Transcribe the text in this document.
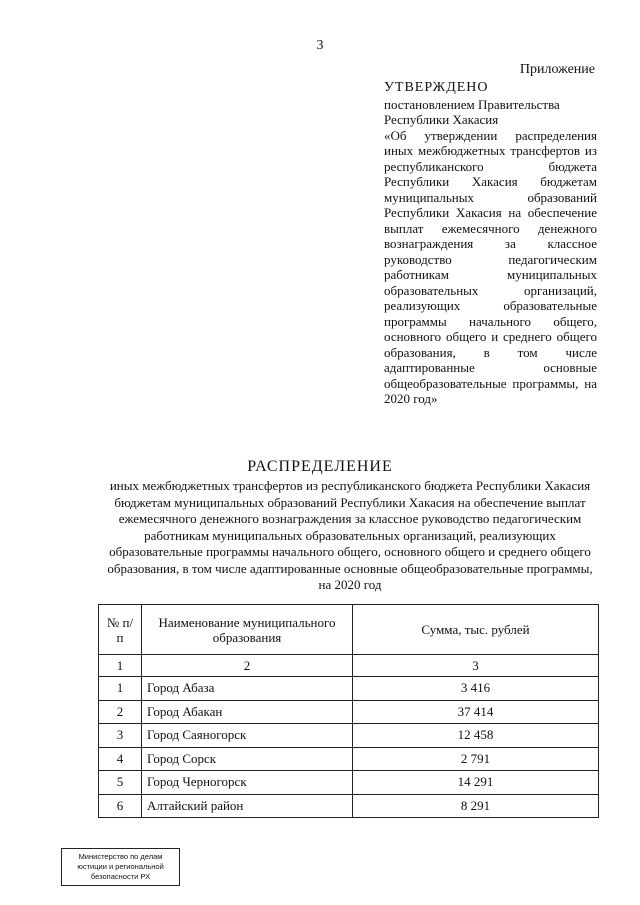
3
Приложение
УТВЕРЖДЕНО
постановлением Правительства
Республики Хакасия
«Об утверждении распределения иных межбюджетных трансфертов из республиканского бюджета Республики Хакасия бюджетам муниципальных образований Республики Хакасия на обеспечение выплат ежемесячного денежного вознаграждения за классное руководство педагогическим работникам муниципальных образовательных организаций, реализующих образовательные программы начального общего, основного общего и среднего общего образования, в том числе адаптированные основные общеобразовательные программы, на 2020 год»
РАСПРЕДЕЛЕНИЕ
иных межбюджетных трансфертов из республиканского бюджета Республики Хакасия бюджетам муниципальных образований Республики Хакасия на обеспечение выплат ежемесячного денежного вознаграждения за классное руководство педагогическим работникам муниципальных образовательных организаций, реализующих образовательные программы начального общего, основного общего и среднего общего образования, в том числе адаптированные основные общеобразовательные программы, на 2020 год
№ п/п	Наименование муниципального образования	Сумма, тыс. рублей
1	2	3
1	Город Абаза	3 416
2	Город Абакан	37 414
3	Город Саяногорск	12 458
4	Город Сорск	2 791
5	Город Черногорск	14 291
6	Алтайский район	8 291
Министерство по делам
юстиции и региональной
безопасности РХ
